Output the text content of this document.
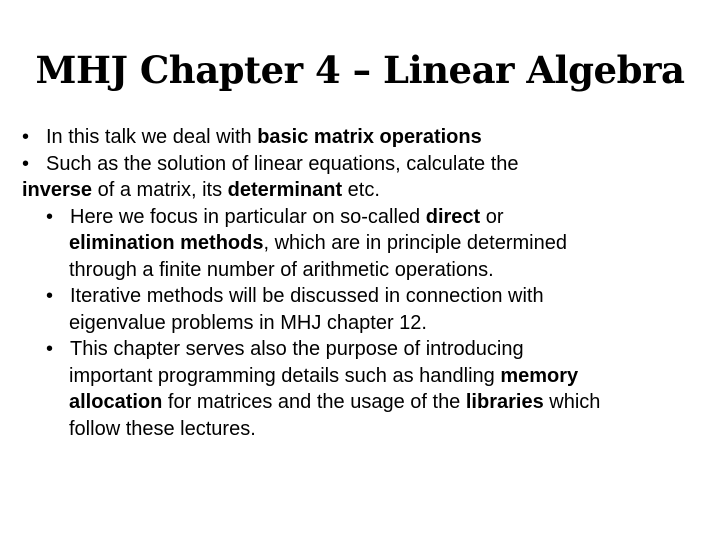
MHJ Chapter 4 – Linear Algebra
• In this talk we deal with basic matrix operations
• Such as the solution of linear equations, calculate the
inverse of a matrix, its determinant etc.
• Here we focus in particular on so-called direct or
elimination methods, which are in principle determined
through a finite number of arithmetic operations.
• Iterative methods will be discussed in connection with
eigenvalue problems in MHJ chapter 12.
• This chapter serves also the purpose of introducing
important programming details such as handling memory
allocation for matrices and the usage of the libraries which
follow these lectures.
